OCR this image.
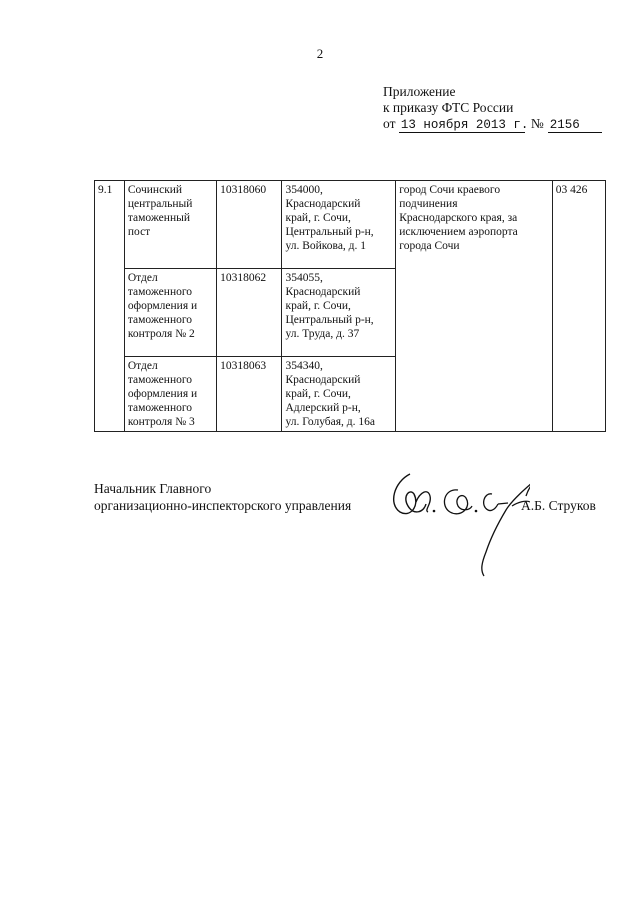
2
Приложение
к приказу ФТС России
от 13 ноября 2013 г. № 2156
9.1	Сочинский
центральный
таможенный
пост	10318060	354000,
Краснодарский
край, г. Сочи,
Центральный р-н,
ул. Войкова, д. 1	город Сочи краевого
подчинения
Краснодарского края, за
исключением аэропорта
города Сочи	03 426

	Отдел
таможенного
оформления и
таможенного
контроля № 2	10318062	354055,
Краснодарский
край, г. Сочи,
Центральный р-н,
ул. Труда, д. 37		

	Отдел
таможенного
оформления и
таможенного
контроля № 3	10318063	354340,
Краснодарский
край, г. Сочи,
Адлерский р-н,
ул. Голубая, д. 16а		
Начальник Главного
организационно-инспекторского управления	А.Б. Струков
